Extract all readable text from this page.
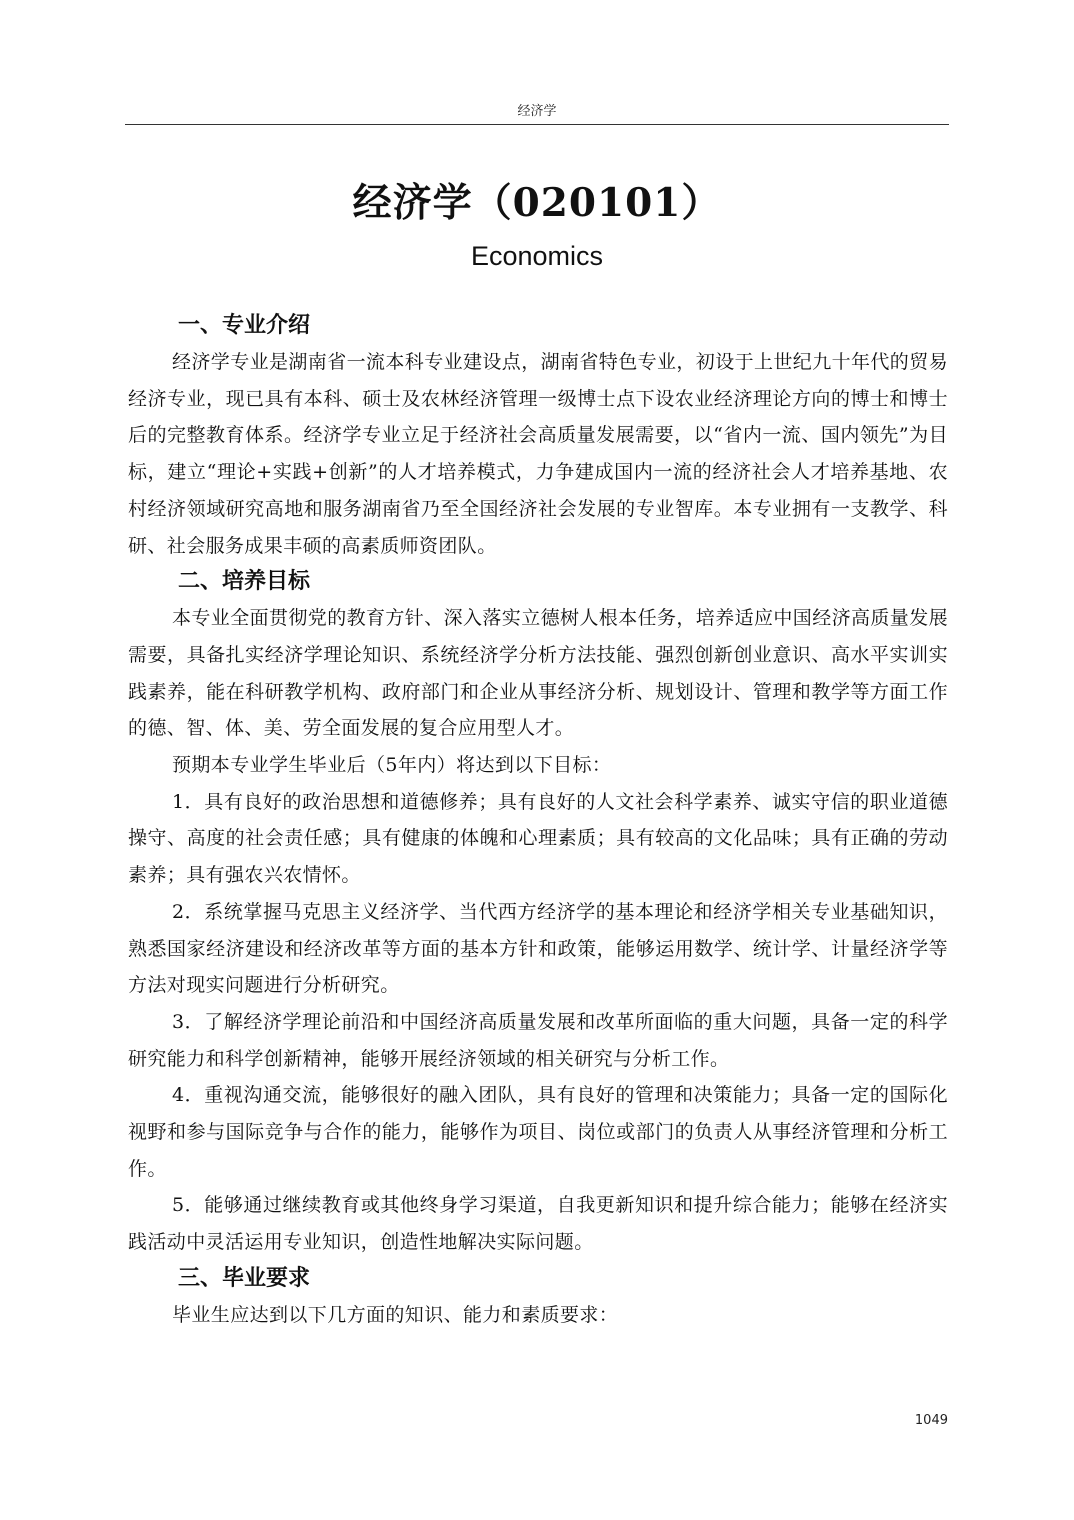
经济学
经济学（020101）
Economics
一、专业介绍

经济学专业是湖南省一流本科专业建设点，湖南省特色专业，初设于上世纪九十年代的贸易经济专业，现已具有本科、硕士及农林经济管理一级博士点下设农业经济理论方向的博士和博士后的完整教育体系。经济学专业立足于经济社会高质量发展需要，以“省内一流、国内领先”为目标，建立“理论+实践+创新”的人才培养模式，力争建成国内一流的经济社会人才培养基地、农村经济领域研究高地和服务湖南省乃至全国经济社会发展的专业智库。本专业拥有一支教学、科研、社会服务成果丰硕的高素质师资团队。

二、培养目标

本专业全面贯彻党的教育方针、深入落实立德树人根本任务，培养适应中国经济高质量发展需要，具备扎实经济学理论知识、系统经济学分析方法技能、强烈创新创业意识、高水平实训实践素养，能在科研教学机构、政府部门和企业从事经济分析、规划设计、管理和教学等方面工作的德、智、体、美、劳全面发展的复合应用型人才。

预期本专业学生毕业后（5年内）将达到以下目标：

1．具有良好的政治思想和道德修养；具有良好的人文社会科学素养、诚实守信的职业道德操守、高度的社会责任感；具有健康的体魄和心理素质；具有较高的文化品味；具有正确的劳动素养；具有强农兴农情怀。

2．系统掌握马克思主义经济学、当代西方经济学的基本理论和经济学相关专业基础知识，熟悉国家经济建设和经济改革等方面的基本方针和政策，能够运用数学、统计学、计量经济学等方法对现实问题进行分析研究。

3．了解经济学理论前沿和中国经济高质量发展和改革所面临的重大问题，具备一定的科学研究能力和科学创新精神，能够开展经济领域的相关研究与分析工作。

4．重视沟通交流，能够很好的融入团队，具有良好的管理和决策能力；具备一定的国际化视野和参与国际竞争与合作的能力，能够作为项目、岗位或部门的负责人从事经济管理和分析工作。

5．能够通过继续教育或其他终身学习渠道，自我更新知识和提升综合能力；能够在经济实践活动中灵活运用专业知识，创造性地解决实际问题。

三、毕业要求

毕业生应达到以下几方面的知识、能力和素质要求：

1049
